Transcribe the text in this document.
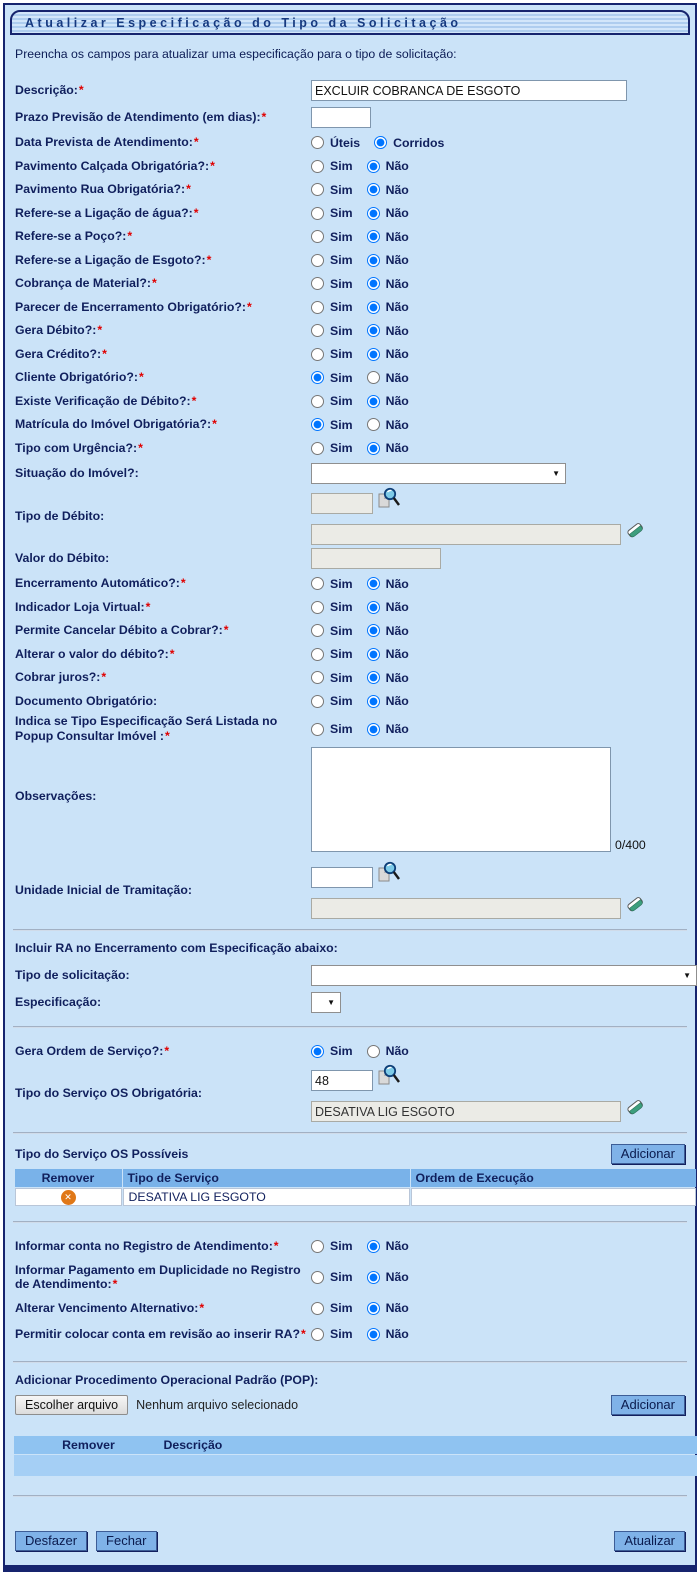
Atualizar Especificação do Tipo da Solicitação
Preencha os campos para atualizar uma especificação para o tipo de solicitação:
Descrição:*
EXCLUIR COBRANCA DE ESGOTO
Prazo Previsão de Atendimento (em dias):*
Data Prevista de Atendimento:*	Úteis	Corridos
Pavimento Calçada Obrigatória?:*	Sim	Não
Pavimento Rua Obrigatória?:*	Sim	Não
Refere-se a Ligação de água?:*	Sim	Não
Refere-se a Poço?:*	Sim	Não
Refere-se a Ligação de Esgoto?:*	Sim	Não
Cobrança de Material?:*	Sim	Não
Parecer de Encerramento Obrigatório?:*	Sim	Não
Gera Débito?:*	Sim	Não
Gera Crédito?:*	Sim	Não
Cliente Obrigatório?:*	Sim	Não
Existe Verificação de Débito?:*	Sim	Não
Matrícula do Imóvel Obrigatória?:*	Sim	Não
Tipo com Urgência?:*	Sim	Não
Situação do Imóvel?:	▼
Tipo de Débito:
Valor do Débito:
Encerramento Automático?:*	Sim	Não
Indicador Loja Virtual:*	Sim	Não
Permite Cancelar Débito a Cobrar?:*	Sim	Não
Alterar o valor do débito?:*	Sim	Não
Cobrar juros?:*	Sim	Não
Documento Obrigatório:	Sim	Não
Indica se Tipo Especificação Será Listada no Popup Consultar Imóvel :*	Sim	Não
Observações:
0/400
Unidade Inicial de Tramitação:
Incluir RA no Encerramento com Especificação abaixo:
Tipo de solicitação:	▼
Especificação:	▼
Gera Ordem de Serviço?:*	Sim	Não
Tipo do Serviço OS Obrigatória:
48
DESATIVA LIG ESGOTO
Tipo do Serviço OS Possíveis	Adicionar
Remover	Tipo de Serviço	Ordem de Execução
✕	DESATIVA LIG ESGOTO	
Informar conta no Registro de Atendimento:*	Sim	Não
Informar Pagamento em Duplicidade no Registro de Atendimento:*	Sim	Não
Alterar Vencimento Alternativo:*	Sim	Não
Permitir colocar conta em revisão ao inserir RA?*	Sim	Não
Adicionar Procedimento Operacional Padrão (POP):
Escolher arquivo	Nenhum arquivo selecionado	Adicionar
Remover	Descrição

Desfazer	Fechar	Atualizar
